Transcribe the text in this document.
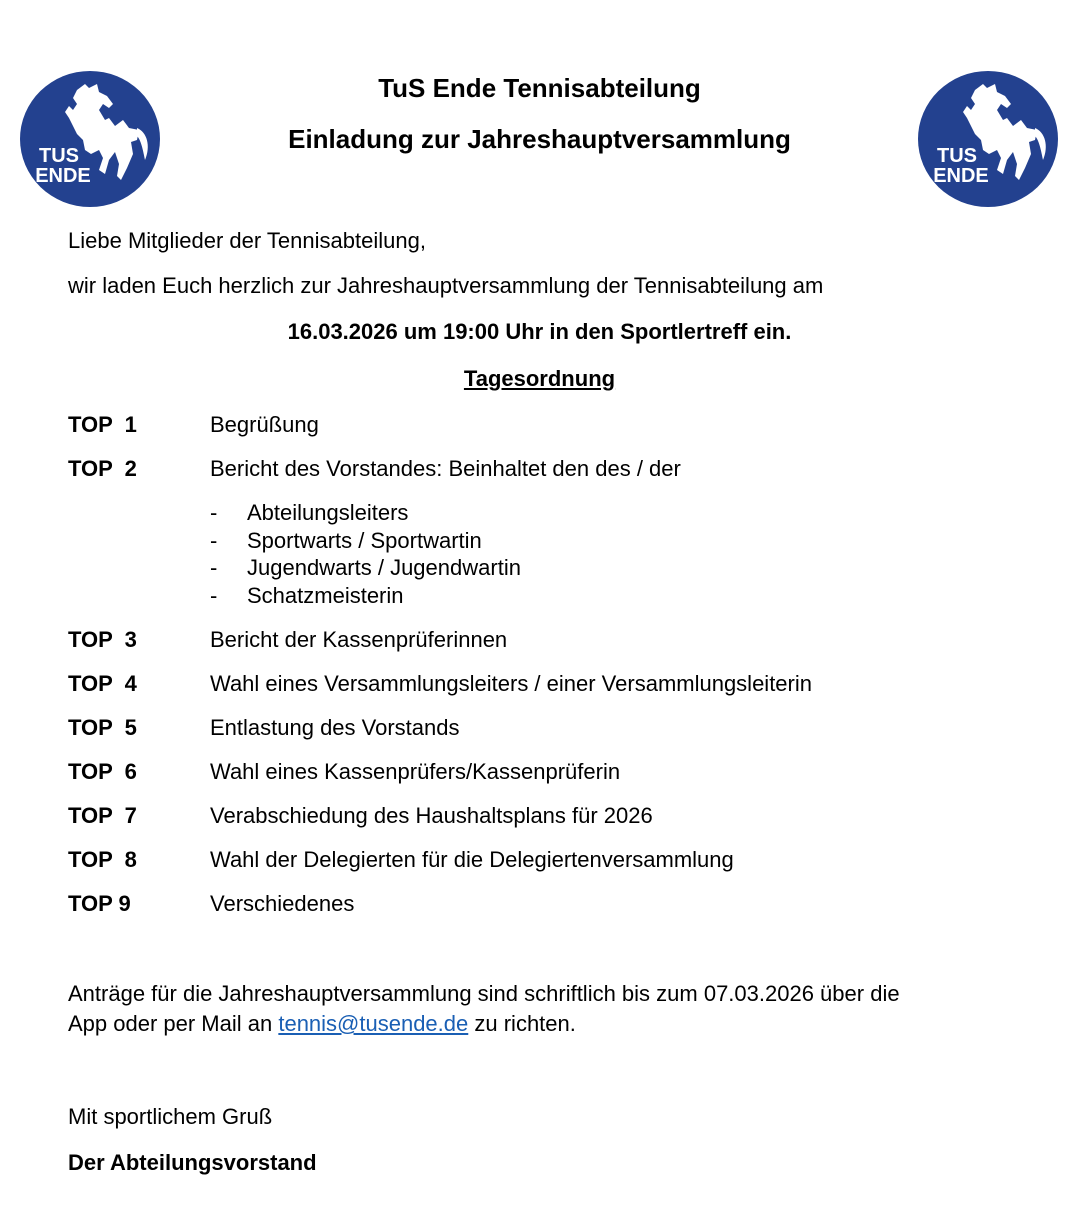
TUS
ENDE
TUS
ENDE
TuS Ende Tennisabteilung
Einladung zur Jahreshauptversammlung

Liebe Mitglieder der Tennisabteilung,

wir laden Euch herzlich zur Jahreshauptversammlung der Tennisabteilung am

16.03.2026 um 19:00 Uhr in den Sportlertreff ein.

Tagesordnung

TOP  1	Begrüßung
TOP  2	Bericht des Vorstandes: Beinhaltet den des / der
- Abteilungsleiters
- Sportwarts / Sportwartin
- Jugendwarts / Jugendwartin
- Schatzmeisterin
TOP  3	Bericht der Kassenprüferinnen
TOP  4	Wahl eines Versammlungsleiters / einer Versammlungsleiterin
TOP  5	Entlastung des Vorstands
TOP  6	Wahl eines Kassenprüfers/Kassenprüferin
TOP  7	Verabschiedung des Haushaltsplans für 2026
TOP  8	Wahl der Delegierten für die Delegiertenversammlung
TOP 9	Verschiedenes

Anträge für die Jahreshauptversammlung sind schriftlich bis zum 07.03.2026 über die

App oder per Mail an tennis@tusende.de zu richten.

Mit sportlichem Gruß

Der Abteilungsvorstand
